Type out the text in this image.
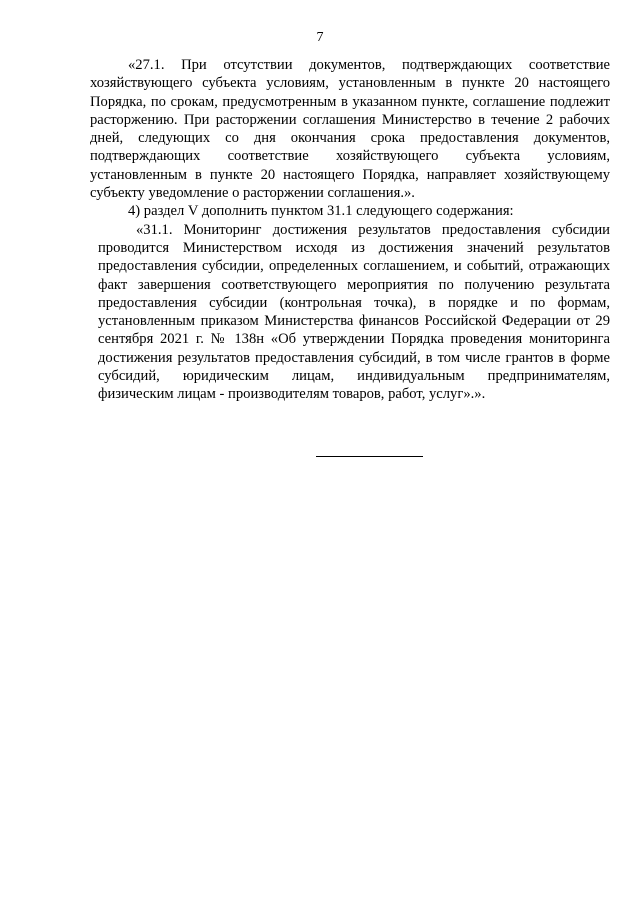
7

«27.1. При отсутствии документов, подтверждающих соответствие хозяйствующего субъекта условиям, установленным в пункте 20 настоящего Порядка, по срокам, предусмотренным в указанном пункте, соглашение подлежит расторжению. При расторжении соглашения Министерство в течение 2 рабочих дней, следующих со дня окончания срока предоставления документов, подтверждающих соответствие хозяйствующего субъекта условиям, установленным в пункте 20 настоящего Порядка, направляет хозяйствующему субъекту уведомление о расторжении соглашения.».

4) раздел V дополнить пунктом 31.1 следующего содержания:

«31.1. Мониторинг достижения результатов предоставления субсидии проводится Министерством исходя из достижения значений результатов предоставления субсидии, определенных соглашением, и событий, отражающих факт завершения соответствующего мероприятия по получению результата предоставления субсидии (контрольная точка), в порядке и по формам, установленным приказом Министерства финансов Российской Федерации от 29 сентября 2021 г. № 138н «Об утверждении Порядка проведения мониторинга достижения результатов предоставления субсидий, в том числе грантов в форме субсидий, юридическим лицам, индивидуальным предпринимателям, физическим лицам - производителям товаров, работ, услуг».».
